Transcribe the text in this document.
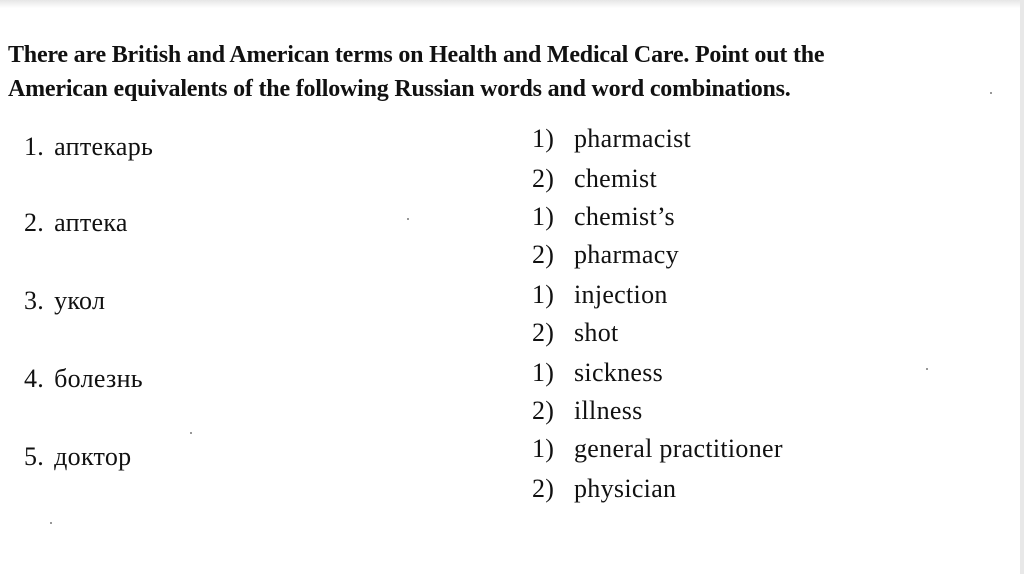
There are British and American terms on Health and Medical Care. Point out the
American equivalents of the following Russian words and word combinations.
1. аптекарь
2. аптека
3. укол
4. болезнь
5. доктор
1) pharmacist
2) chemist
1) chemist’s
2) pharmacy
1) injection
2) shot
1) sickness
2) illness
1) general practitioner
2) physician
